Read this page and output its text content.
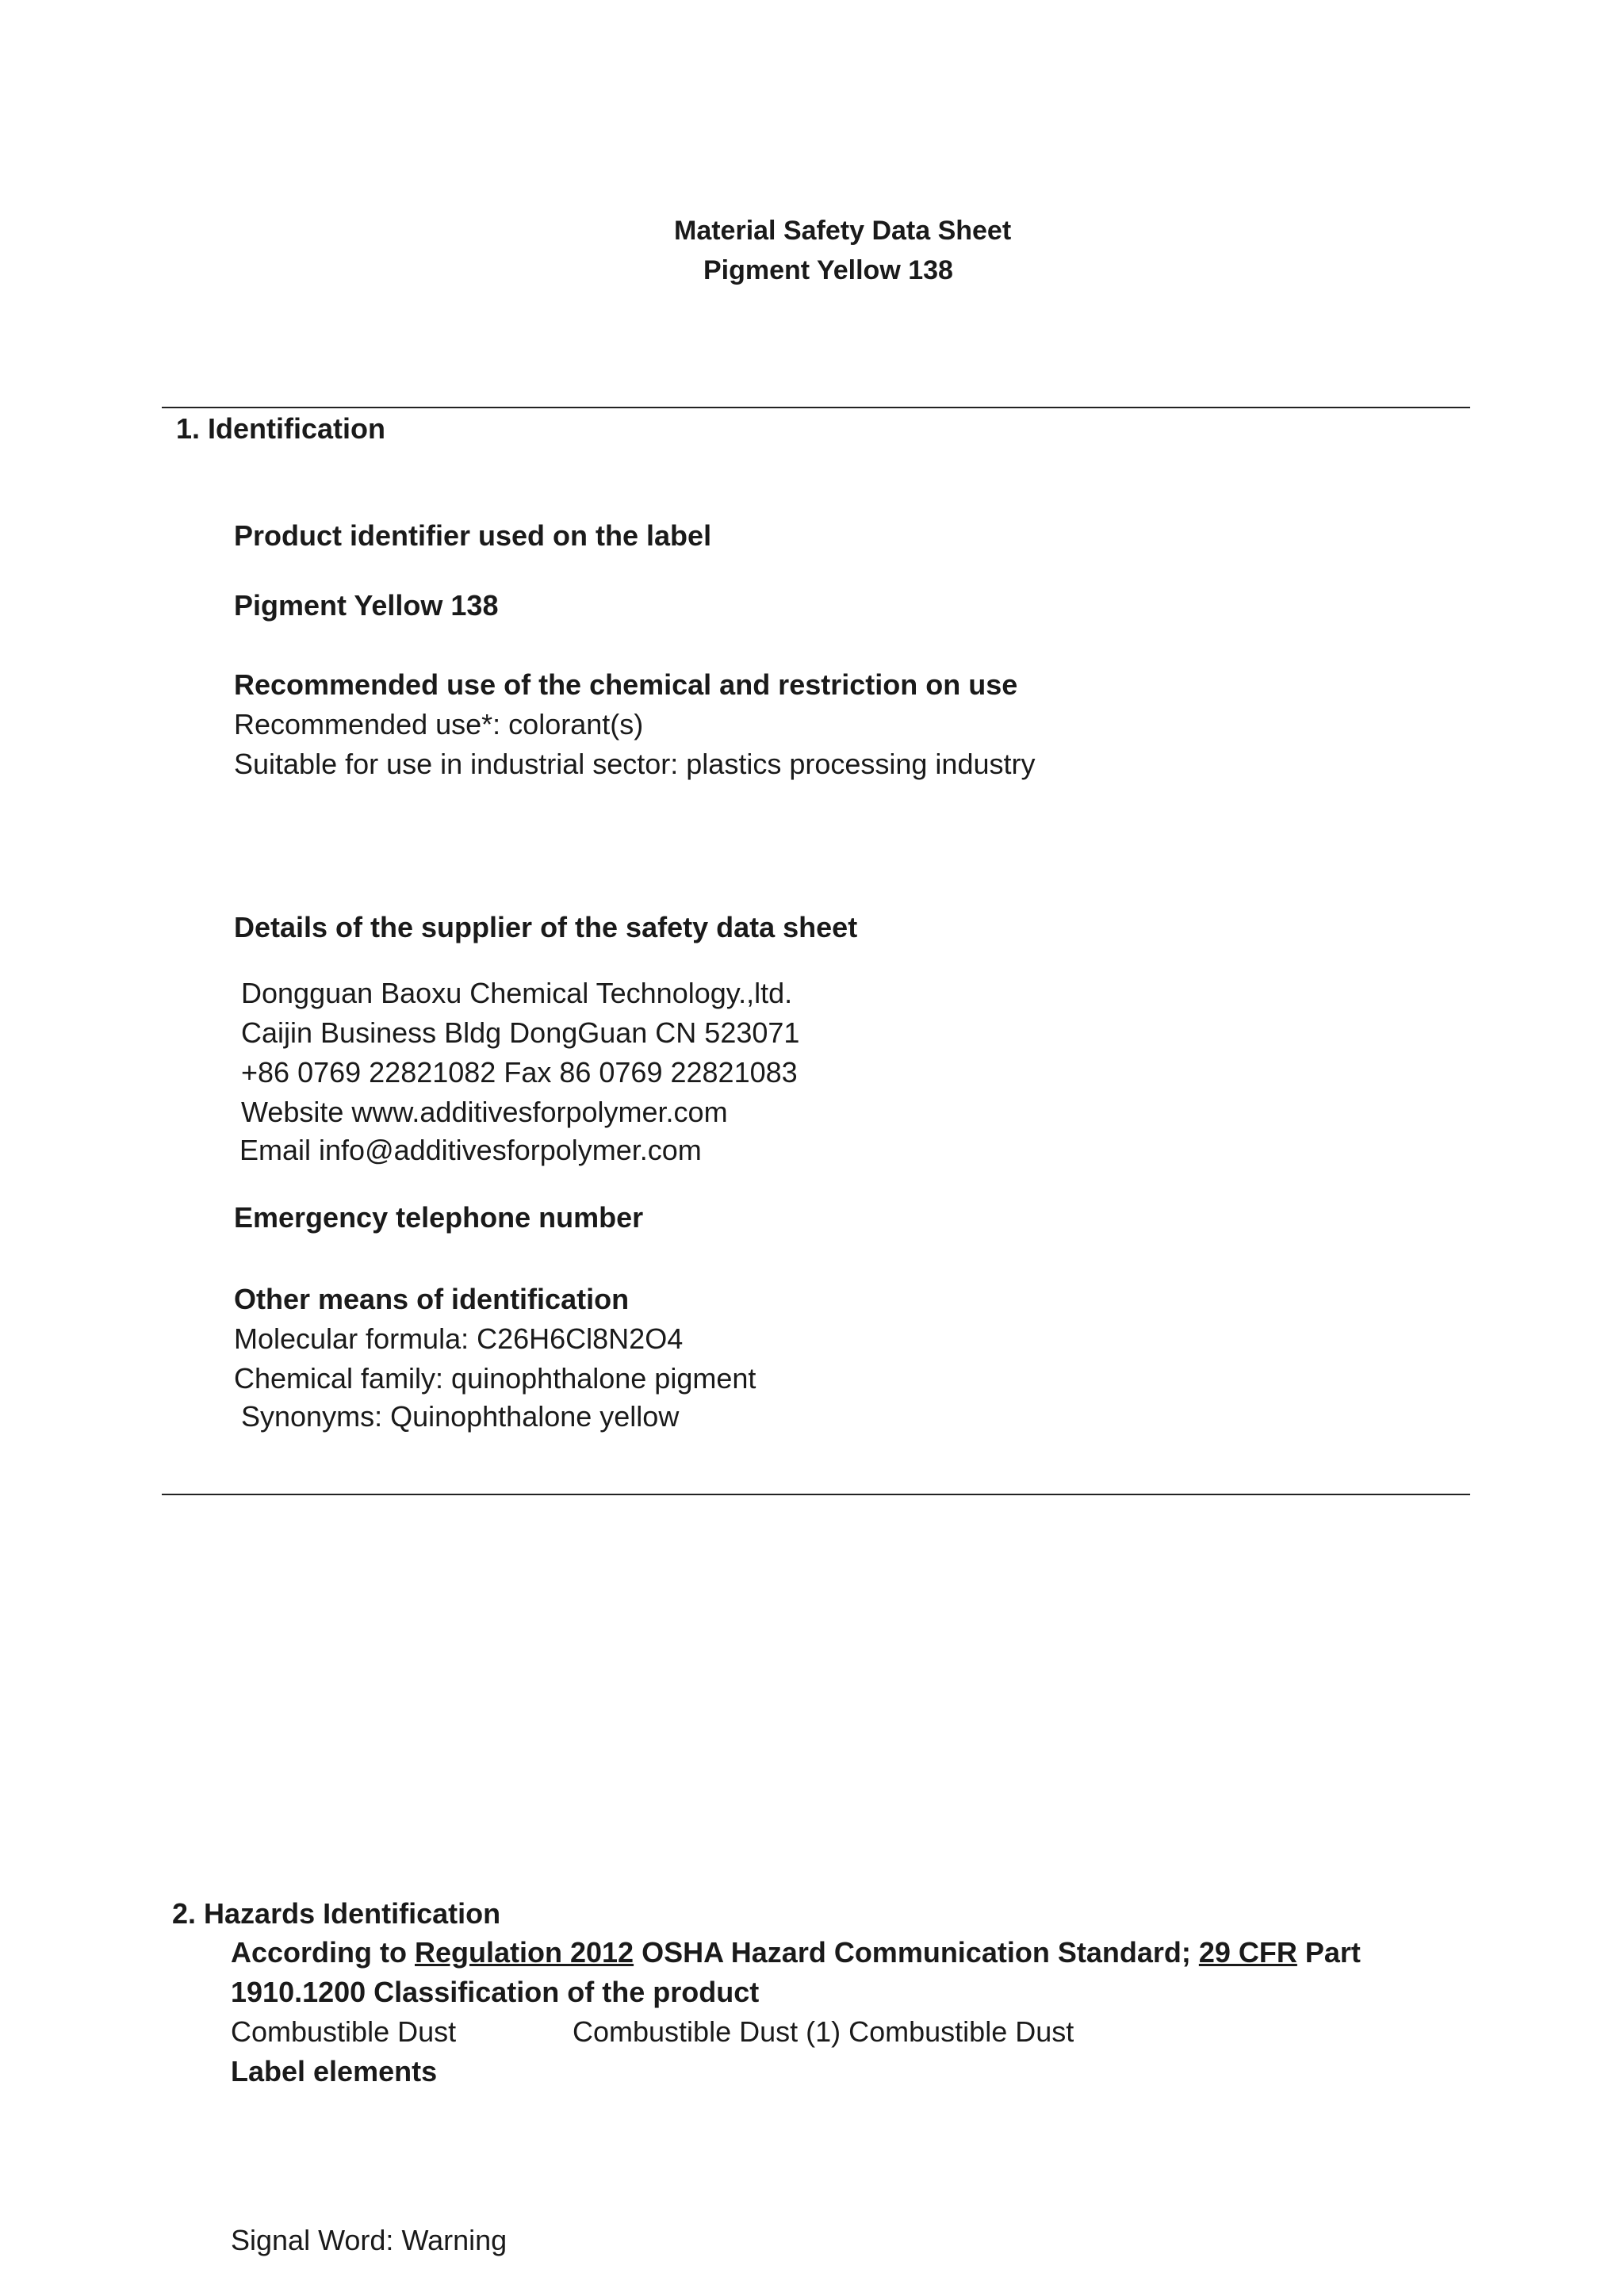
Material Safety Data Sheet
Pigment Yellow 138
1. Identification
Product identifier used on the label
Pigment Yellow 138
Recommended use of the chemical and restriction on use
Recommended use*: colorant(s)
Suitable for use in industrial sector: plastics processing industry
Details of the supplier of the safety data sheet
Dongguan Baoxu Chemical Technology.,ltd.
Caijin Business Bldg DongGuan CN 523071
+86 0769 22821082 Fax 86 0769 22821083
Website www.additivesforpolymer.com
Email info@additivesforpolymer.com
Emergency telephone number
Other means of identification
Molecular formula: C26H6Cl8N2O4
Chemical family: quinophthalone pigment
Synonyms: Quinophthalone yellow
2. Hazards Identification
According to Regulation 2012 OSHA Hazard Communication Standard; 29 CFR Part
1910.1200 Classification of the product
Combustible Dust	Combustible Dust (1) Combustible Dust
Label elements
Signal Word: Warning
